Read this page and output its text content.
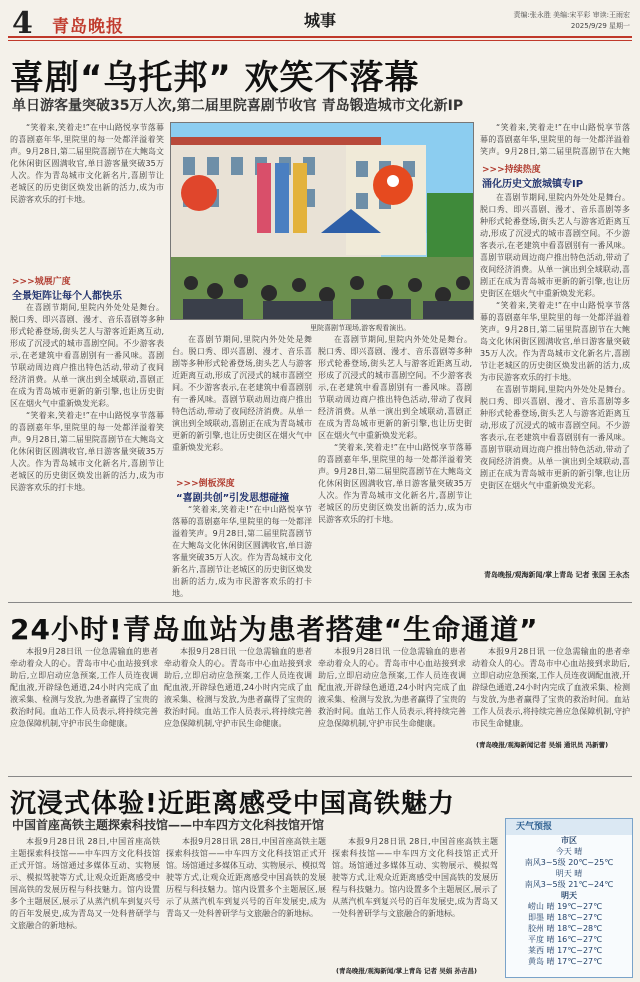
4 青岛晚报	城事	责编:张永胜 美编:宋平彩 审读:王雨宏
2025/9/29 星期一
喜剧“乌托邦” 欢笑不落幕
单日游客量突破35万人次,第二届里院喜剧节收官 青岛锻造城市文化新IP
“笑着来,笑着走!”在中山路悦享节落幕的喜剧嘉年华,里院里的每一处都洋溢着笑声。9月28日,第二届里院喜剧节在大鲍岛文化休闲街区圆满收官,单日游客量突破35万人次。作为青岛城市文化新名片,喜剧节让老城区的历史街区焕发出新的活力,成为市民游客欢乐的打卡地。
>>>城展广度
全景矩阵让每个人都快乐
在喜剧节期间,里院内外处处是舞台。脱口秀、即兴喜剧、漫才、音乐喜剧等多种形式轮番登场,街头艺人与游客近距离互动,形成了沉浸式的城市喜剧空间。不少游客表示,在老建筑中看喜剧别有一番风味。喜剧节联动周边商户推出特色活动,带动了夜间经济消费。从单一演出到全域联动,喜剧正在成为青岛城市更新的新引擎,也让历史街区在烟火气中重新焕发光彩。
“笑着来,笑着走!”在中山路悦享节落幕的喜剧嘉年华,里院里的每一处都洋溢着笑声。9月28日,第二届里院喜剧节在大鲍岛文化休闲街区圆满收官,单日游客量突破35万人次。作为青岛城市文化新名片,喜剧节让老城区的历史街区焕发出新的活力,成为市民游客欢乐的打卡地。
里院喜剧节现场,游客观看演出。
在喜剧节期间,里院内外处处是舞台。脱口秀、即兴喜剧、漫才、音乐喜剧等多种形式轮番登场,街头艺人与游客近距离互动,形成了沉浸式的城市喜剧空间。不少游客表示,在老建筑中看喜剧别有一番风味。喜剧节联动周边商户推出特色活动,带动了夜间经济消费。从单一演出到全域联动,喜剧正在成为青岛城市更新的新引擎,也让历史街区在烟火气中重新焕发光彩。
>>>倒板深度
“喜剧共创”引发思想碰撞
“笑着来,笑着走!”在中山路悦享节落幕的喜剧嘉年华,里院里的每一处都洋溢着笑声。9月28日,第二届里院喜剧节在大鲍岛文化休闲街区圆满收官,单日游客量突破35万人次。作为青岛城市文化新名片,喜剧节让老城区的历史街区焕发出新的活力,成为市民游客欢乐的打卡地。
在喜剧节期间,里院内外处处是舞台。脱口秀、即兴喜剧、漫才、音乐喜剧等多种形式轮番登场,街头艺人与游客近距离互动,形成了沉浸式的城市喜剧空间。不少游客表示,在老建筑中看喜剧别有一番风味。喜剧节联动周边商户推出特色活动,带动了夜间经济消费。从单一演出到全域联动,喜剧正在成为青岛城市更新的新引擎,也让历史街区在烟火气中重新焕发光彩。
“笑着来,笑着走!”在中山路悦享节落幕的喜剧嘉年华,里院里的每一处都洋溢着笑声。9月28日,第二届里院喜剧节在大鲍岛文化休闲街区圆满收官,单日游客量突破35万人次。作为青岛城市文化新名片,喜剧节让老城区的历史街区焕发出新的活力,成为市民游客欢乐的打卡地。
“笑着来,笑着走!”在中山路悦享节落幕的喜剧嘉年华,里院里的每一处都洋溢着笑声。9月28日,第二届里院喜剧节在大鲍
>>>持续热度
涌化历史文旅城镇专IP
在喜剧节期间,里院内外处处是舞台。脱口秀、即兴喜剧、漫才、音乐喜剧等多种形式轮番登场,街头艺人与游客近距离互动,形成了沉浸式的城市喜剧空间。不少游客表示,在老建筑中看喜剧别有一番风味。喜剧节联动周边商户推出特色活动,带动了夜间经济消费。从单一演出到全域联动,喜剧正在成为青岛城市更新的新引擎,也让历史街区在烟火气中重新焕发光彩。
“笑着来,笑着走!”在中山路悦享节落幕的喜剧嘉年华,里院里的每一处都洋溢着笑声。9月28日,第二届里院喜剧节在大鲍岛文化休闲街区圆满收官,单日游客量突破35万人次。作为青岛城市文化新名片,喜剧节让老城区的历史街区焕发出新的活力,成为市民游客欢乐的打卡地。
在喜剧节期间,里院内外处处是舞台。脱口秀、即兴喜剧、漫才、音乐喜剧等多种形式轮番登场,街头艺人与游客近距离互动,形成了沉浸式的城市喜剧空间。不少游客表示,在老建筑中看喜剧别有一番风味。喜剧节联动周边商户推出特色活动,带动了夜间经济消费。从单一演出到全域联动,喜剧正在成为青岛城市更新的新引擎,也让历史街区在烟火气中重新焕发光彩。
青岛晚报/观海新闻/掌上青岛 记者 张国 王永杰
24小时!青岛血站为患者搭建“生命通道”
本报9月28日讯 一位急需输血的患者牵动着众人的心。青岛市中心血站接到求助后,立即启动应急预案,工作人员连夜调配血液,开辟绿色通道,24小时内完成了血液采集、检测与发放,为患者赢得了宝贵的救治时间。血站工作人员表示,将持续完善应急保障机制,守护市民生命健康。
本报9月28日讯 一位急需输血的患者牵动着众人的心。青岛市中心血站接到求助后,立即启动应急预案,工作人员连夜调配血液,开辟绿色通道,24小时内完成了血液采集、检测与发放,为患者赢得了宝贵的救治时间。血站工作人员表示,将持续完善应急保障机制,守护市民生命健康。
本报9月28日讯 一位急需输血的患者牵动着众人的心。青岛市中心血站接到求助后,立即启动应急预案,工作人员连夜调配血液,开辟绿色通道,24小时内完成了血液采集、检测与发放,为患者赢得了宝贵的救治时间。血站工作人员表示,将持续完善应急保障机制,守护市民生命健康。
本报9月28日讯 一位急需输血的患者牵动着众人的心。青岛市中心血站接到求助后,立即启动应急预案,工作人员连夜调配血液,开辟绿色通道,24小时内完成了血液采集、检测与发放,为患者赢得了宝贵的救治时间。血站工作人员表示,将持续完善应急保障机制,守护市民生命健康。
(青岛晚报/观海新闻记者 吴娟 通讯员 冯新蕾)
沉浸式体验!近距离感受中国高铁魅力
中国首座高铁主题探索科技馆——中车四方文化科技馆开馆
本报9月28日讯 28日,中国首座高铁主题探索科技馆——中车四方文化科技馆正式开馆。场馆通过多媒体互动、实物展示、模拟驾驶等方式,让观众近距离感受中国高铁的发展历程与科技魅力。馆内设置多个主题展区,展示了从蒸汽机车到复兴号的百年发展史,成为青岛又一处科普研学与文旅融合的新地标。
本报9月28日讯 28日,中国首座高铁主题探索科技馆——中车四方文化科技馆正式开馆。场馆通过多媒体互动、实物展示、模拟驾驶等方式,让观众近距离感受中国高铁的发展历程与科技魅力。馆内设置多个主题展区,展示了从蒸汽机车到复兴号的百年发展史,成为青岛又一处科普研学与文旅融合的新地标。
本报9月28日讯 28日,中国首座高铁主题探索科技馆——中车四方文化科技馆正式开馆。场馆通过多媒体互动、实物展示、模拟驾驶等方式,让观众近距离感受中国高铁的发展历程与科技魅力。馆内设置多个主题展区,展示了从蒸汽机车到复兴号的百年发展史,成为青岛又一处科普研学与文旅融合的新地标。
(青岛晚报/观海新闻/掌上青岛 记者 吴娟 孙吉昌)
天气预报
市区
今天 晴
南风3~5级 20℃~25℃
明天 晴
南风3~5级 21℃~24℃
明天
崂山 晴 19℃~27℃
即墨 晴 18℃~27℃
胶州 晴 18℃~28℃
平度 晴 16℃~27℃
莱西 晴 17℃~27℃
黄岛 晴 17℃~27℃
